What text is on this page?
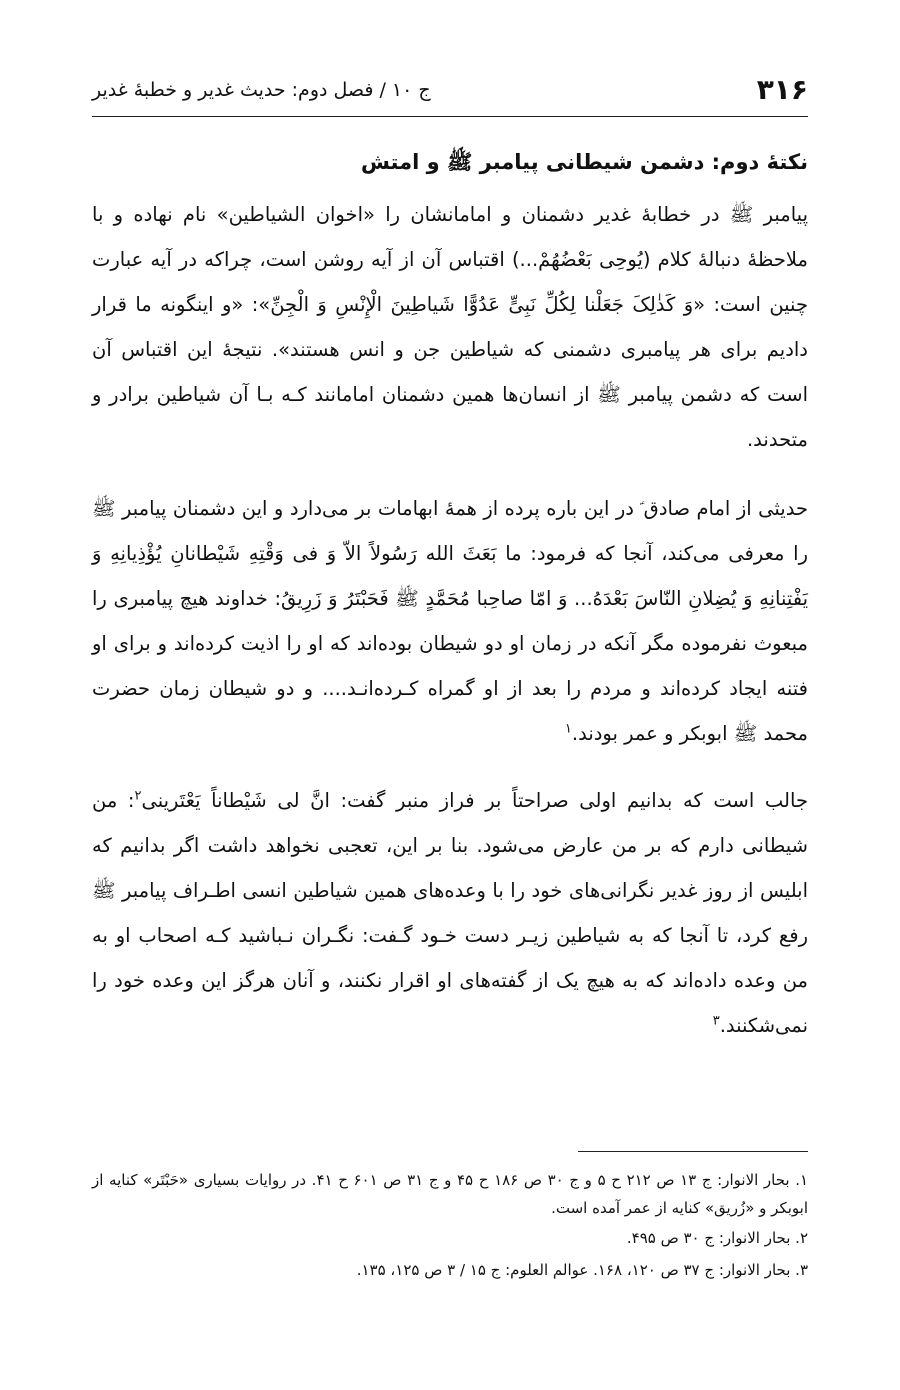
۳۱۶
ج ۱۰ / فصل دوم: حدیث غدیر و خطبۀ غدیر
نکتۀ دوم: دشمن شیطانی پیامبر ﷺ و امتش

پیامبر ﷺ در خطابۀ غدیر دشمنان و امامانشان را «اخوان الشیاطین» نام نهاده و با ملاحظۀ دنبالۀ کلام (یُوحِی بَعْضُهُمْ...) اقتباس آن از آیه روشن است، چراکه در آیه عبارت چنین است: «وَ کَذٰلِکَ جَعَلْنا لِکُلِّ نَبِیٍّ عَدُوًّا شَیاطِینَ الْإِنْسِ وَ الْجِنِّ»: «و اینگونه ما قرار دادیم برای هر پیامبری دشمنی که شیاطین جن و انس هستند». نتیجۀ این اقتباس آن است که دشمن پیامبر ﷺ از انسان‌ها همین دشمنان امامانند کـه بـا آن شیاطین برادر و متحدند.

حدیثی از امام صادق ؑ در این باره پرده از همۀ ابهامات بر می‌دارد و این دشمنان پیامبر ﷺ را معرفی می‌کند، آنجا که فرمود: ما بَعَثَ الله رَسُولاً الاّ وَ فی وَقْتِهِ شَیْطانانِ یُؤْذِیانِهِ وَ یَفْتِنانِهِ وَ یُضِلانِ النّاسَ بَعْدَهُ... وَ امّا صاحِبا مُحَمَّدٍ ﷺ فَحَبْتَرُ وَ زَرِیقُ: خداوند هیچ پیامبری را مبعوث نفرموده مگر آنکه در زمان او دو شیطان بوده‌اند که او را اذیت کرده‌اند و برای او فتنه ایجاد کرده‌اند و مردم را بعد از او گمراه کـرده‌انـد.... و دو شیطان زمان حضرت محمد ﷺ ابوبکر و عمر بودند.$^۱$

جالب است که بدانیم اولی صراحتاً بر فراز منبر گفت: انَّ لی شَیْطاناً یَعْتَرینی$^۲$: من شیطانی دارم که بر من عارض می‌شود. بنا بر این، تعجبی نخواهد داشت اگر بدانیم که ابلیس از روز غدیر نگرانی‌های خود را با وعده‌های همین شیاطین انسی اطـراف پیامبر ﷺ رفع کرد، تا آنجا که به شیاطین زیـر دست خـود گـفت: نگـران نـباشید کـه اصحاب او به من وعده داده‌اند که به هیچ یک از گفته‌های او اقرار نکنند، و آنان هرگز این وعده خود را نمی‌شکنند.$^۳$

۱. بحار الانوار: ج ۱۳ ص ۲۱۲ ح ۵ و ج ۳۰ ص ۱۸۶ ح ۴۵ و ج ۳۱ ص ۶۰۱ ح ۴۱. در روایات بسیاری «حَبْتَر» کنایه از ابوبکر و «زُریق» کنایه از عمر آمده است.

۲. بحار الانوار: ج ۳۰ ص ۴۹۵.

۳. بحار الانوار: ج ۳۷ ص ۱۲۰، ۱۶۸. عوالم العلوم: ج ۱۵ / ۳ ص ۱۲۵، ۱۳۵.
